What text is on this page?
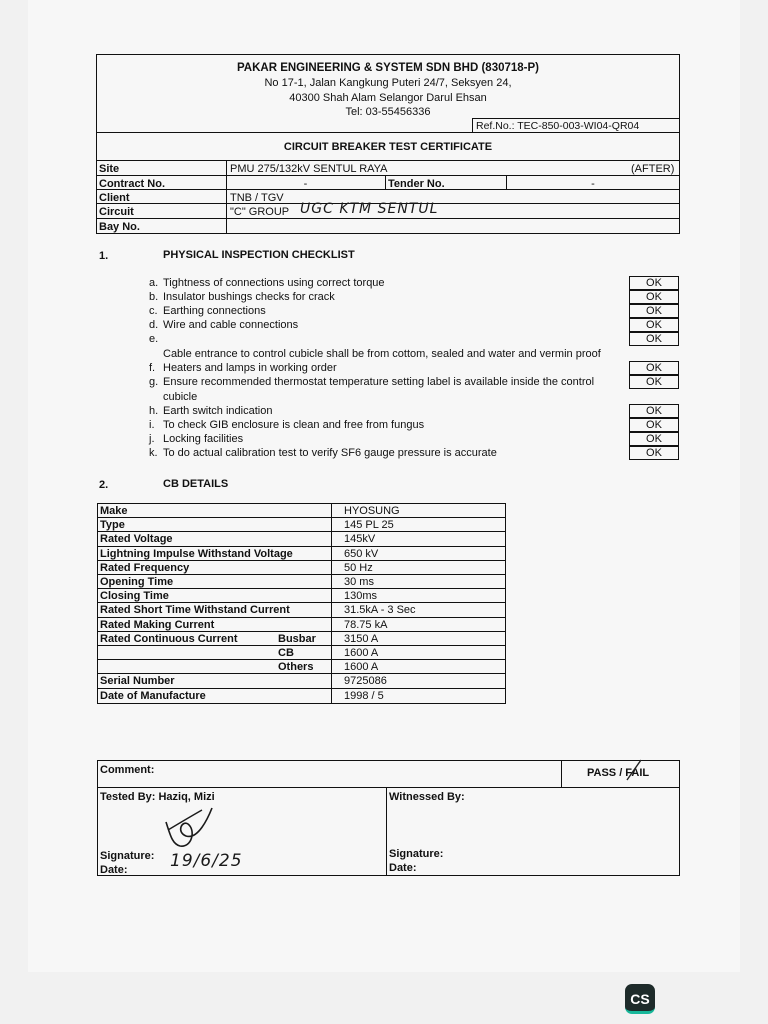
PAKAR ENGINEERING & SYSTEM SDN BHD (830718-P)
No 17-1, Jalan Kangkung Puteri 24/7, Seksyen 24,
40300 Shah Alam Selangor Darul Ehsan
Tel: 03-55456336
Ref.No.: TEC-850-003-WI04-QR04
CIRCUIT BREAKER TEST CERTIFICATE
Site	PMU 275/132kV SENTUL RAYA	(AFTER)
Contract No.	-	Tender No.	-
Client	TNB / TGV
Circuit	"C" GROUP UGC KTM SENTUL
Bay No.
1.	PHYSICAL INSPECTION CHECKLIST
a. Tightness of connections using correct torque	OK
b. Insulator bushings checks for crack	OK
c. Earthing connections	OK
d. Wire and cable connections	OK
e.	OK
Cable entrance to control cubicle shall be from cottom, sealed and water and vermin proof
f. Heaters and lamps in working order	OK
g. Ensure recommended thermostat temperature setting label is available inside the control	OK
cubicle
h. Earth switch indication	OK
i. To check GIB enclosure is clean and free from fungus	OK
j. Locking facilities	OK
k. To do actual calibration test to verify SF6 gauge pressure is accurate	OK
2.	CB DETAILS
Make	HYOSUNG
Type	145 PL 25
Rated Voltage	145kV
Lightning Impulse Withstand Voltage	650 kV
Rated Frequency	50 Hz
Opening Time	30 ms
Closing Time	130ms
Rated Short Time Withstand Current	31.5kA - 3 Sec
Rated Making Current	78.75 kA
Rated Continuous Current	Busbar	3150 A
CB	1600 A
Others	1600 A
Serial Number	9725086
Date of Manufacture	1998 / 5
Comment:	PASS / FAIL
Tested By: Haziq, Mizi	Witnessed By:
Signature:
Date: 19/6/25	Signature:
Date:
CS
